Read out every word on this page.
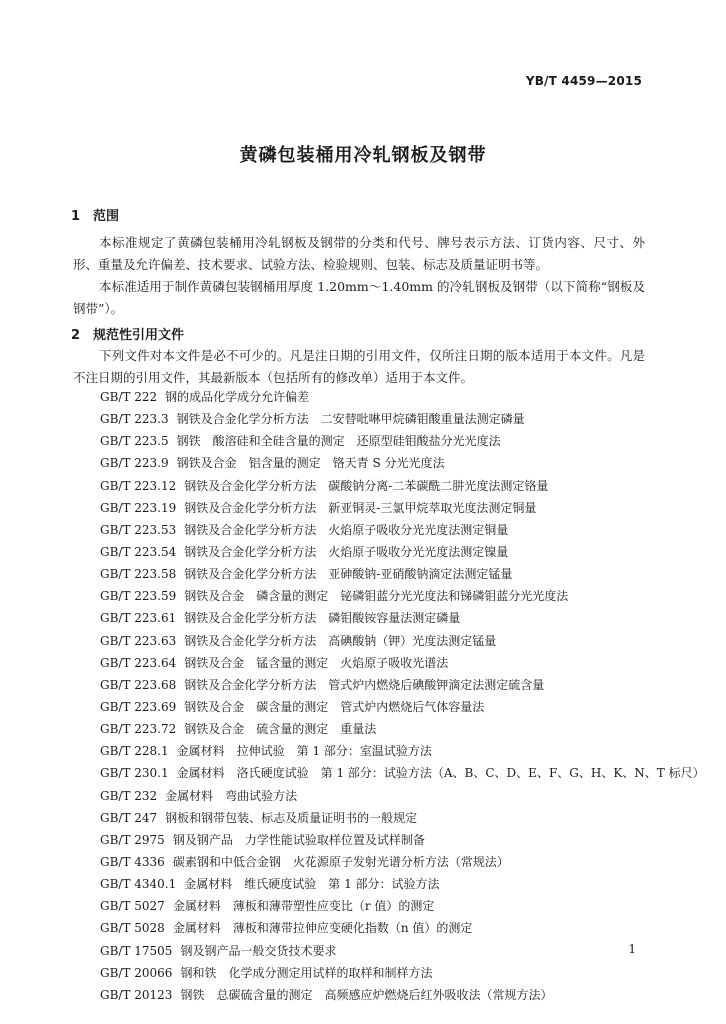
YB/T 4459—2015
黄磷包装桶用冷轧钢板及钢带
1 范围

本标准规定了黄磷包装桶用冷轧钢板及钢带的分类和代号、牌号表示方法、订货内容、尺寸、外形、重量及允许偏差、技术要求、试验方法、检验规则、包装、标志及质量证明书等。

本标准适用于制作黄磷包装钢桶用厚度 1.20mm～1.40mm 的冷轧钢板及钢带（以下简称“钢板及钢带”）。

2 规范性引用文件

下列文件对本文件是必不可少的。凡是注日期的引用文件，仅所注日期的版本适用于本文件。凡是不注日期的引用文件，其最新版本（包括所有的修改单）适用于本文件。

GB/T 222 钢的成品化学成分允许偏差
GB/T 223.3 钢铁及合金化学分析方法　二安替吡啉甲烷磷钼酸重量法测定磷量
GB/T 223.5 钢铁　酸溶硅和全硅含量的测定　还原型硅钼酸盐分光光度法
GB/T 223.9 钢铁及合金　铝含量的测定　铬天青 S 分光光度法
GB/T 223.12 钢铁及合金化学分析方法　碳酸钠分离-二苯碳酰二肼光度法测定铬量
GB/T 223.19 钢铁及合金化学分析方法　新亚铜灵-三氯甲烷萃取光度法测定铜量
GB/T 223.53 钢铁及合金化学分析方法　火焰原子吸收分光光度法测定铜量
GB/T 223.54 钢铁及合金化学分析方法　火焰原子吸收分光光度法测定镍量
GB/T 223.58 钢铁及合金化学分析方法　亚砷酸钠-亚硝酸钠滴定法测定锰量
GB/T 223.59 钢铁及合金　磷含量的测定　铋磷钼蓝分光光度法和锑磷钼蓝分光光度法
GB/T 223.61 钢铁及合金化学分析方法　磷钼酸铵容量法测定磷量
GB/T 223.63 钢铁及合金化学分析方法　高碘酸钠（钾）光度法测定锰量
GB/T 223.64 钢铁及合金　锰含量的测定　火焰原子吸收光谱法
GB/T 223.68 钢铁及合金化学分析方法　管式炉内燃烧后碘酸钾滴定法测定硫含量
GB/T 223.69 钢铁及合金　碳含量的测定　管式炉内燃烧后气体容量法
GB/T 223.72 钢铁及合金　硫含量的测定　重量法
GB/T 228.1 金属材料　拉伸试验　第 1 部分：室温试验方法
GB/T 230.1 金属材料　洛氏硬度试验　第 1 部分：试验方法（A、B、C、D、E、F、G、H、K、N、T 标尺）
GB/T 232 金属材料　弯曲试验方法
GB/T 247 钢板和钢带包装、标志及质量证明书的一般规定
GB/T 2975 钢及钢产品　力学性能试验取样位置及试样制备
GB/T 4336 碳素钢和中低合金钢　火花源原子发射光谱分析方法（常规法）
GB/T 4340.1 金属材料　维氏硬度试验　第 1 部分：试验方法
GB/T 5027 金属材料　薄板和薄带塑性应变比（r 值）的测定
GB/T 5028 金属材料　薄板和薄带拉伸应变硬化指数（n 值）的测定
GB/T 17505 钢及钢产品一般交货技术要求
GB/T 20066 钢和铁　化学成分测定用试样的取样和制样方法
GB/T 20123 钢铁　总碳硫含量的测定　高频感应炉燃烧后红外吸收法（常规方法）
1
